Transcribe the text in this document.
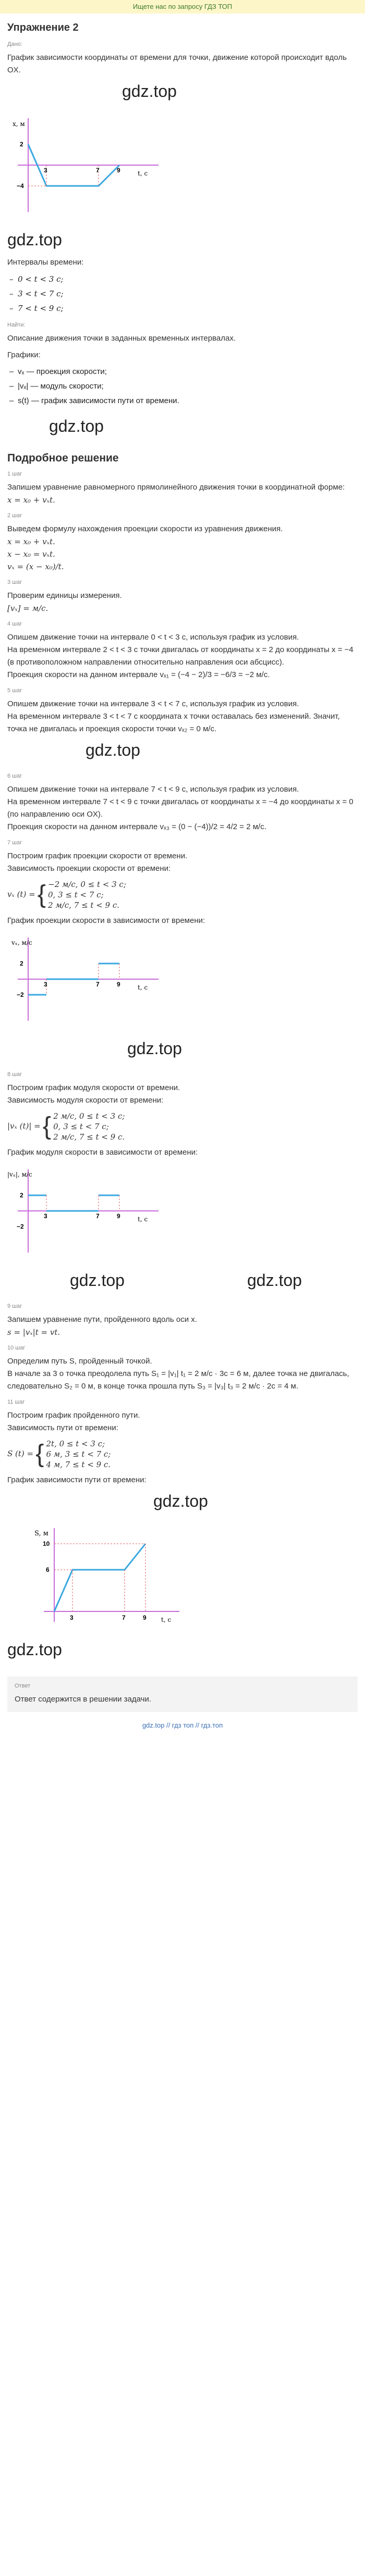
Ищете нас по запросу ГДЗ ТОП
Упражнение 2
Дано:
График зависимости координаты от времени для точки, движение которой происходит вдоль OX.
gdz.top
x, м
t, с
2
−4
3	7	9
gdz.top
Интервалы времени:
– 0 < t < 3 с;
– 3 < t < 7 с;
– 7 < t < 9 с;
Найти:
Описание движения точки в заданных временных интервалах.
Графики:
– vₓ — проекция скорости;
– |vₓ| — модуль скорости;
– s(t) — график зависимости пути от времени.
gdz.top
Подробное решение
1 шаг
Запишем уравнение равномерного прямолинейного движения точки в координатной форме:
x = x₀ + vₓt.
2 шаг
Выведем формулу нахождения проекции скорости из уравнения движения.
x = x₀ + vₓt.
x − x₀ = vₓt.
vₓ = (x − x₀)/t.
3 шаг
Проверим единицы измерения.
[vₓ] = м/с.
4 шаг
Опишем движение точки на интервале 0 < t < 3 с, используя график из условия.
На временном интервале 2 < t < 3 с точки двигалась от координаты x = 2 до координаты x = −4 (в противоположном направлении относительно направления оси абсцисс).
Проекция скорости на данном интервале vₓ₁ = (−4 − 2)/3 = −6/3 = −2 м/с.
5 шаг
Опишем движение точки на интервале 3 < t < 7 с, используя график из условия.
На временном интервале 3 < t < 7 с координата x точки оставалась без изменений. Значит, точка не двигалась и проекция скорости точки vₓ₂ = 0 м/с.
gdz.top
6 шаг
Опишем движение точки на интервале 7 < t < 9 с, используя график из условия.
На временном интервале 7 < t < 9 с точки двигалась от координаты x = −4 до координаты x = 0 (по направлению оси OX).
Проекция скорости на данном интервале vₓ₃ = (0 − (−4))/2 = 4/2 = 2 м/с.
7 шаг
Построим график проекции скорости от времени.
Зависимость проекции скорости от времени:
vₓ (t) = { −2 м/с, 0 ≤ t < 3 с;
0, 3 ≤ t < 7 с;
2 м/с, 7 ≤ t < 9 с.
График проекции скорости в зависимости от времени:
vₓ, м/с
t, с
2
−2
3	7	9
gdz.top
8 шаг
Построим график модуля скорости от времени.
Зависимость модуля скорости от времени:
|vₓ (t)| = { 2 м/с, 0 ≤ t < 3 с;
0, 3 ≤ t < 7 с;
2 м/с, 7 ≤ t < 9 с.
График модуля скорости в зависимости от времени:
|vₓ|, м/с
t, с
2
−2
3	7	9
gdz.top	gdz.top
9 шаг
Запишем уравнение пути, пройденного вдоль оси x.
s = |vₓ|t = vt.
10 шаг
Определим путь S, пройденный точкой.
В начале за 3 о точка преодолела путь S₁ = |v₁| t₁ = 2 м/с · 3с = 6 м, далее точка не двигалась, следовательно S₂ = 0 м, в конце точка прошла путь S₃ = |v₃| t₃ = 2 м/с · 2с = 4 м.
11 шаг
Построим график пройденного пути.
Зависимость пути от времени:
S (t) = { 2t, 0 ≤ t < 3 с;
6 м, 3 ≤ t < 7 с;
4 м, 7 ≤ t < 9 с.
График зависимости пути от времени:
gdz.top
S, м
t, с
10
6
3	7	9
gdz.top
Ответ
Ответ содержится в решении задачи.
gdz.top // гдз топ // гдз.топ
